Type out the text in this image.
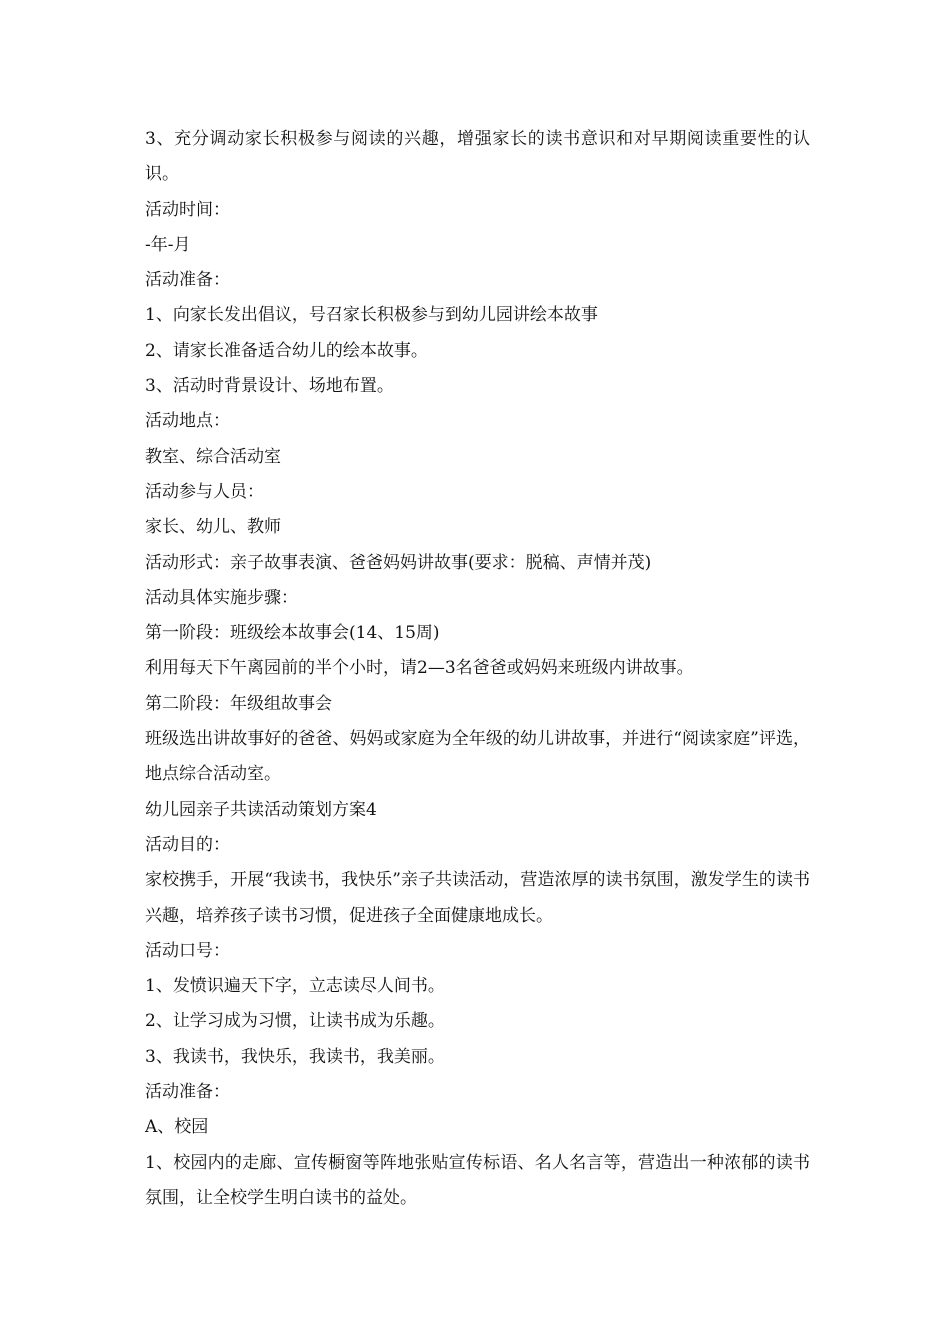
3、充分调动家长积极参与阅读的兴趣，增强家长的读书意识和对早期阅读重要性的认识。

活动时间：

-年-月

活动准备：

1、向家长发出倡议，号召家长积极参与到幼儿园讲绘本故事

2、请家长准备适合幼儿的绘本故事。

3、活动时背景设计、场地布置。

活动地点：

教室、综合活动室

活动参与人员：

家长、幼儿、教师

活动形式：亲子故事表演、爸爸妈妈讲故事(要求：脱稿、声情并茂)

活动具体实施步骤：

第一阶段：班级绘本故事会(14、15周)

利用每天下午离园前的半个小时，请2—3名爸爸或妈妈来班级内讲故事。

第二阶段：年级组故事会

班级选出讲故事好的爸爸、妈妈或家庭为全年级的幼儿讲故事，并进行“阅读家庭”评选，地点综合活动室。

幼儿园亲子共读活动策划方案4

活动目的：

家校携手，开展“我读书，我快乐”亲子共读活动，营造浓厚的读书氛围，激发学生的读书兴趣，培养孩子读书习惯，促进孩子全面健康地成长。

活动口号：

1、发愤识遍天下字，立志读尽人间书。

2、让学习成为习惯，让读书成为乐趣。

3、我读书，我快乐，我读书，我美丽。

活动准备：

A、校园

1、校园内的走廊、宣传橱窗等阵地张贴宣传标语、名人名言等，营造出一种浓郁的读书氛围，让全校学生明白读书的益处。
